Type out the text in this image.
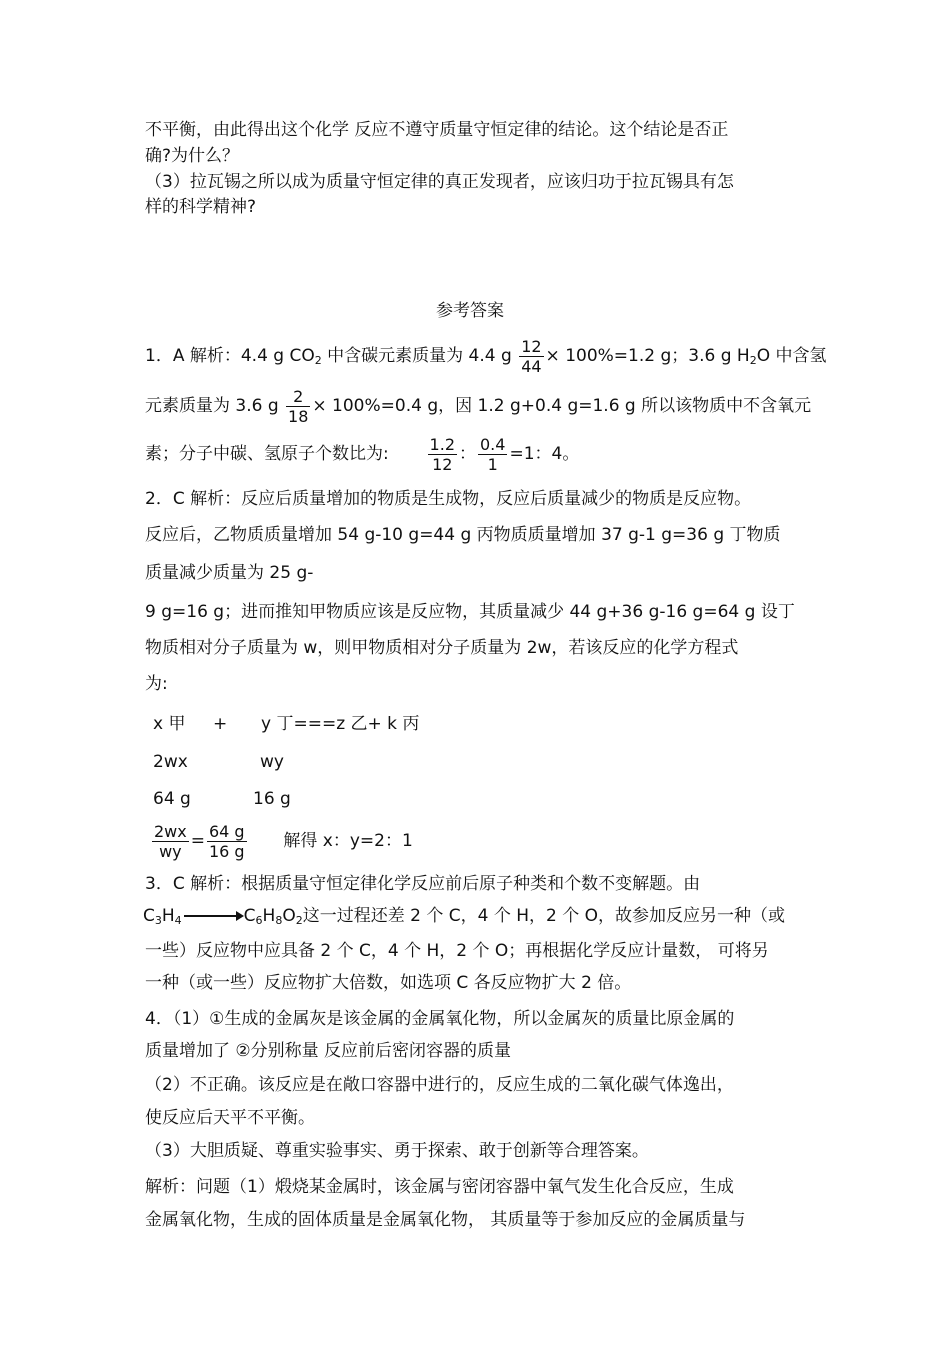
不平衡，由此得出这个化学 反应不遵守质量守恒定律的结论。这个结论是否正
确?为什么？
（3）拉瓦锡之所以成为质量守恒定律的真正发现者，应该归功于拉瓦锡具有怎
样的科学精神?
参考答案
1．A 解析：4.4 g $CO_2$ 中含碳元素质量为 4.4 g $\frac{12}{44} \times 100\%=1.2$ g；3.6 g $H_2O$ 中含氢
元素质量为 3.6 g $\frac{2}{18} \times 100\%=0.4$ g，因 1.2 g+0.4 g=1.6 g 所以该物质中不含氧元
素；分子中碳、氢原子个数比为: $\frac{1.2}{12}$ ： $\frac{0.4}{1} =1$：4。
2．C 解析：反应后质量增加的物质是生成物，反应后质量减少的物质是反应物。
反应后，乙物质质量增加 54 g-10 g=44 g 丙物质质量增加 37 g-1 g=36 g 丁物质
质量减少质量为 25 g-
9 g=16 g；进而推知甲物质应该是反应物，其质量减少 44 g+36 g-16 g=64 g 设丁
物质相对分子质量为 w，则甲物质相对分子质量为 2w，若该反应的化学方程式
为:
x 甲 + y 丁===z 乙+ k 丙
2wx	wy
64 g	16 g
$\frac{2wx}{wy} = \frac{64 g}{16 g}$ 解得 x：y=2：1
3．C 解析：根据质量守恒定律化学反应前后原子种类和个数不变解题。由
$C_3H_4 \to C_6H_8O_2$这一过程还差 2 个 C，4 个 H，2 个 O，故参加反应另一种（或
一些）反应物中应具备 2 个 C，4 个 H，2 个 O；再根据化学反应计量数， 可将另
一种（或一些）反应物扩大倍数，如选项 C 各反应物扩大 2 倍。
4．（1）①生成的金属灰是该金属的金属氧化物，所以金属灰的质量比原金属的
质量增加了 ②分别称量 反应前后密闭容器的质量
（2）不正确。该反应是在敞口容器中进行的，反应生成的二氧化碳气体逸出，
使反应后天平不平衡。
（3）大胆质疑、尊重实验事实、勇于探索、敢于创新等合理答案。
解析：问题（1）煅烧某金属时，该金属与密闭容器中氧气发生化合反应，生成
金属氧化物，生成的固体质量是金属氧化物， 其质量等于参加反应的金属质量与
